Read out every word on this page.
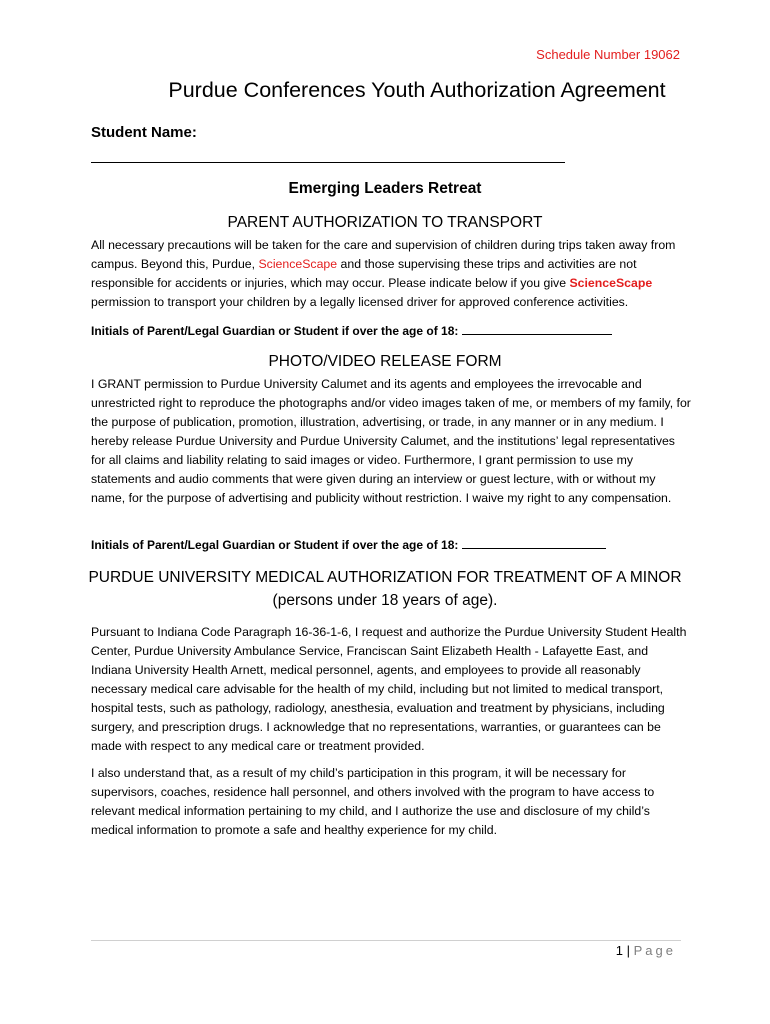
Schedule Number 19062
Purdue Conferences Youth Authorization Agreement
Student Name:
Emerging Leaders Retreat
PARENT AUTHORIZATION TO TRANSPORT
All necessary precautions will be taken for the care and supervision of children during trips taken away from campus. Beyond this, Purdue, ScienceScape and those supervising these trips and activities are not responsible for accidents or injuries, which may occur. Please indicate below if you give ScienceScape permission to transport your children by a legally licensed driver for approved conference activities.
Initials of Parent/Legal Guardian or Student if over the age of 18:
PHOTO/VIDEO RELEASE FORM
I GRANT permission to Purdue University Calumet and its agents and employees the irrevocable and unrestricted right to reproduce the photographs and/or video images taken of me, or members of my family, for the purpose of publication, promotion, illustration, advertising, or trade, in any manner or in any medium. I hereby release Purdue University and Purdue University Calumet, and the institutions’ legal representatives for all claims and liability relating to said images or video. Furthermore, I grant permission to use my statements and audio comments that were given during an interview or guest lecture, with or without my name, for the purpose of advertising and publicity without restriction. I waive my right to any compensation.
Initials of Parent/Legal Guardian or Student if over the age of 18:
PURDUE UNIVERSITY MEDICAL AUTHORIZATION FOR TREATMENT OF A MINOR
(persons under 18 years of age).
Pursuant to Indiana Code Paragraph 16-36-1-6, I request and authorize the Purdue University Student Health Center, Purdue University Ambulance Service, Franciscan Saint Elizabeth Health - Lafayette East, and Indiana University Health Arnett, medical personnel, agents, and employees to provide all reasonably necessary medical care advisable for the health of my child, including but not limited to medical transport, hospital tests, such as pathology, radiology, anesthesia, evaluation and treatment by physicians, including surgery, and prescription drugs. I acknowledge that no representations, warranties, or guarantees can be made with respect to any medical care or treatment provided.
I also understand that, as a result of my child’s participation in this program, it will be necessary for supervisors, coaches, residence hall personnel, and others involved with the program to have access to relevant medical information pertaining to my child, and I authorize the use and disclosure of my child’s medical information to promote a safe and healthy experience for my child.
1 | Page
